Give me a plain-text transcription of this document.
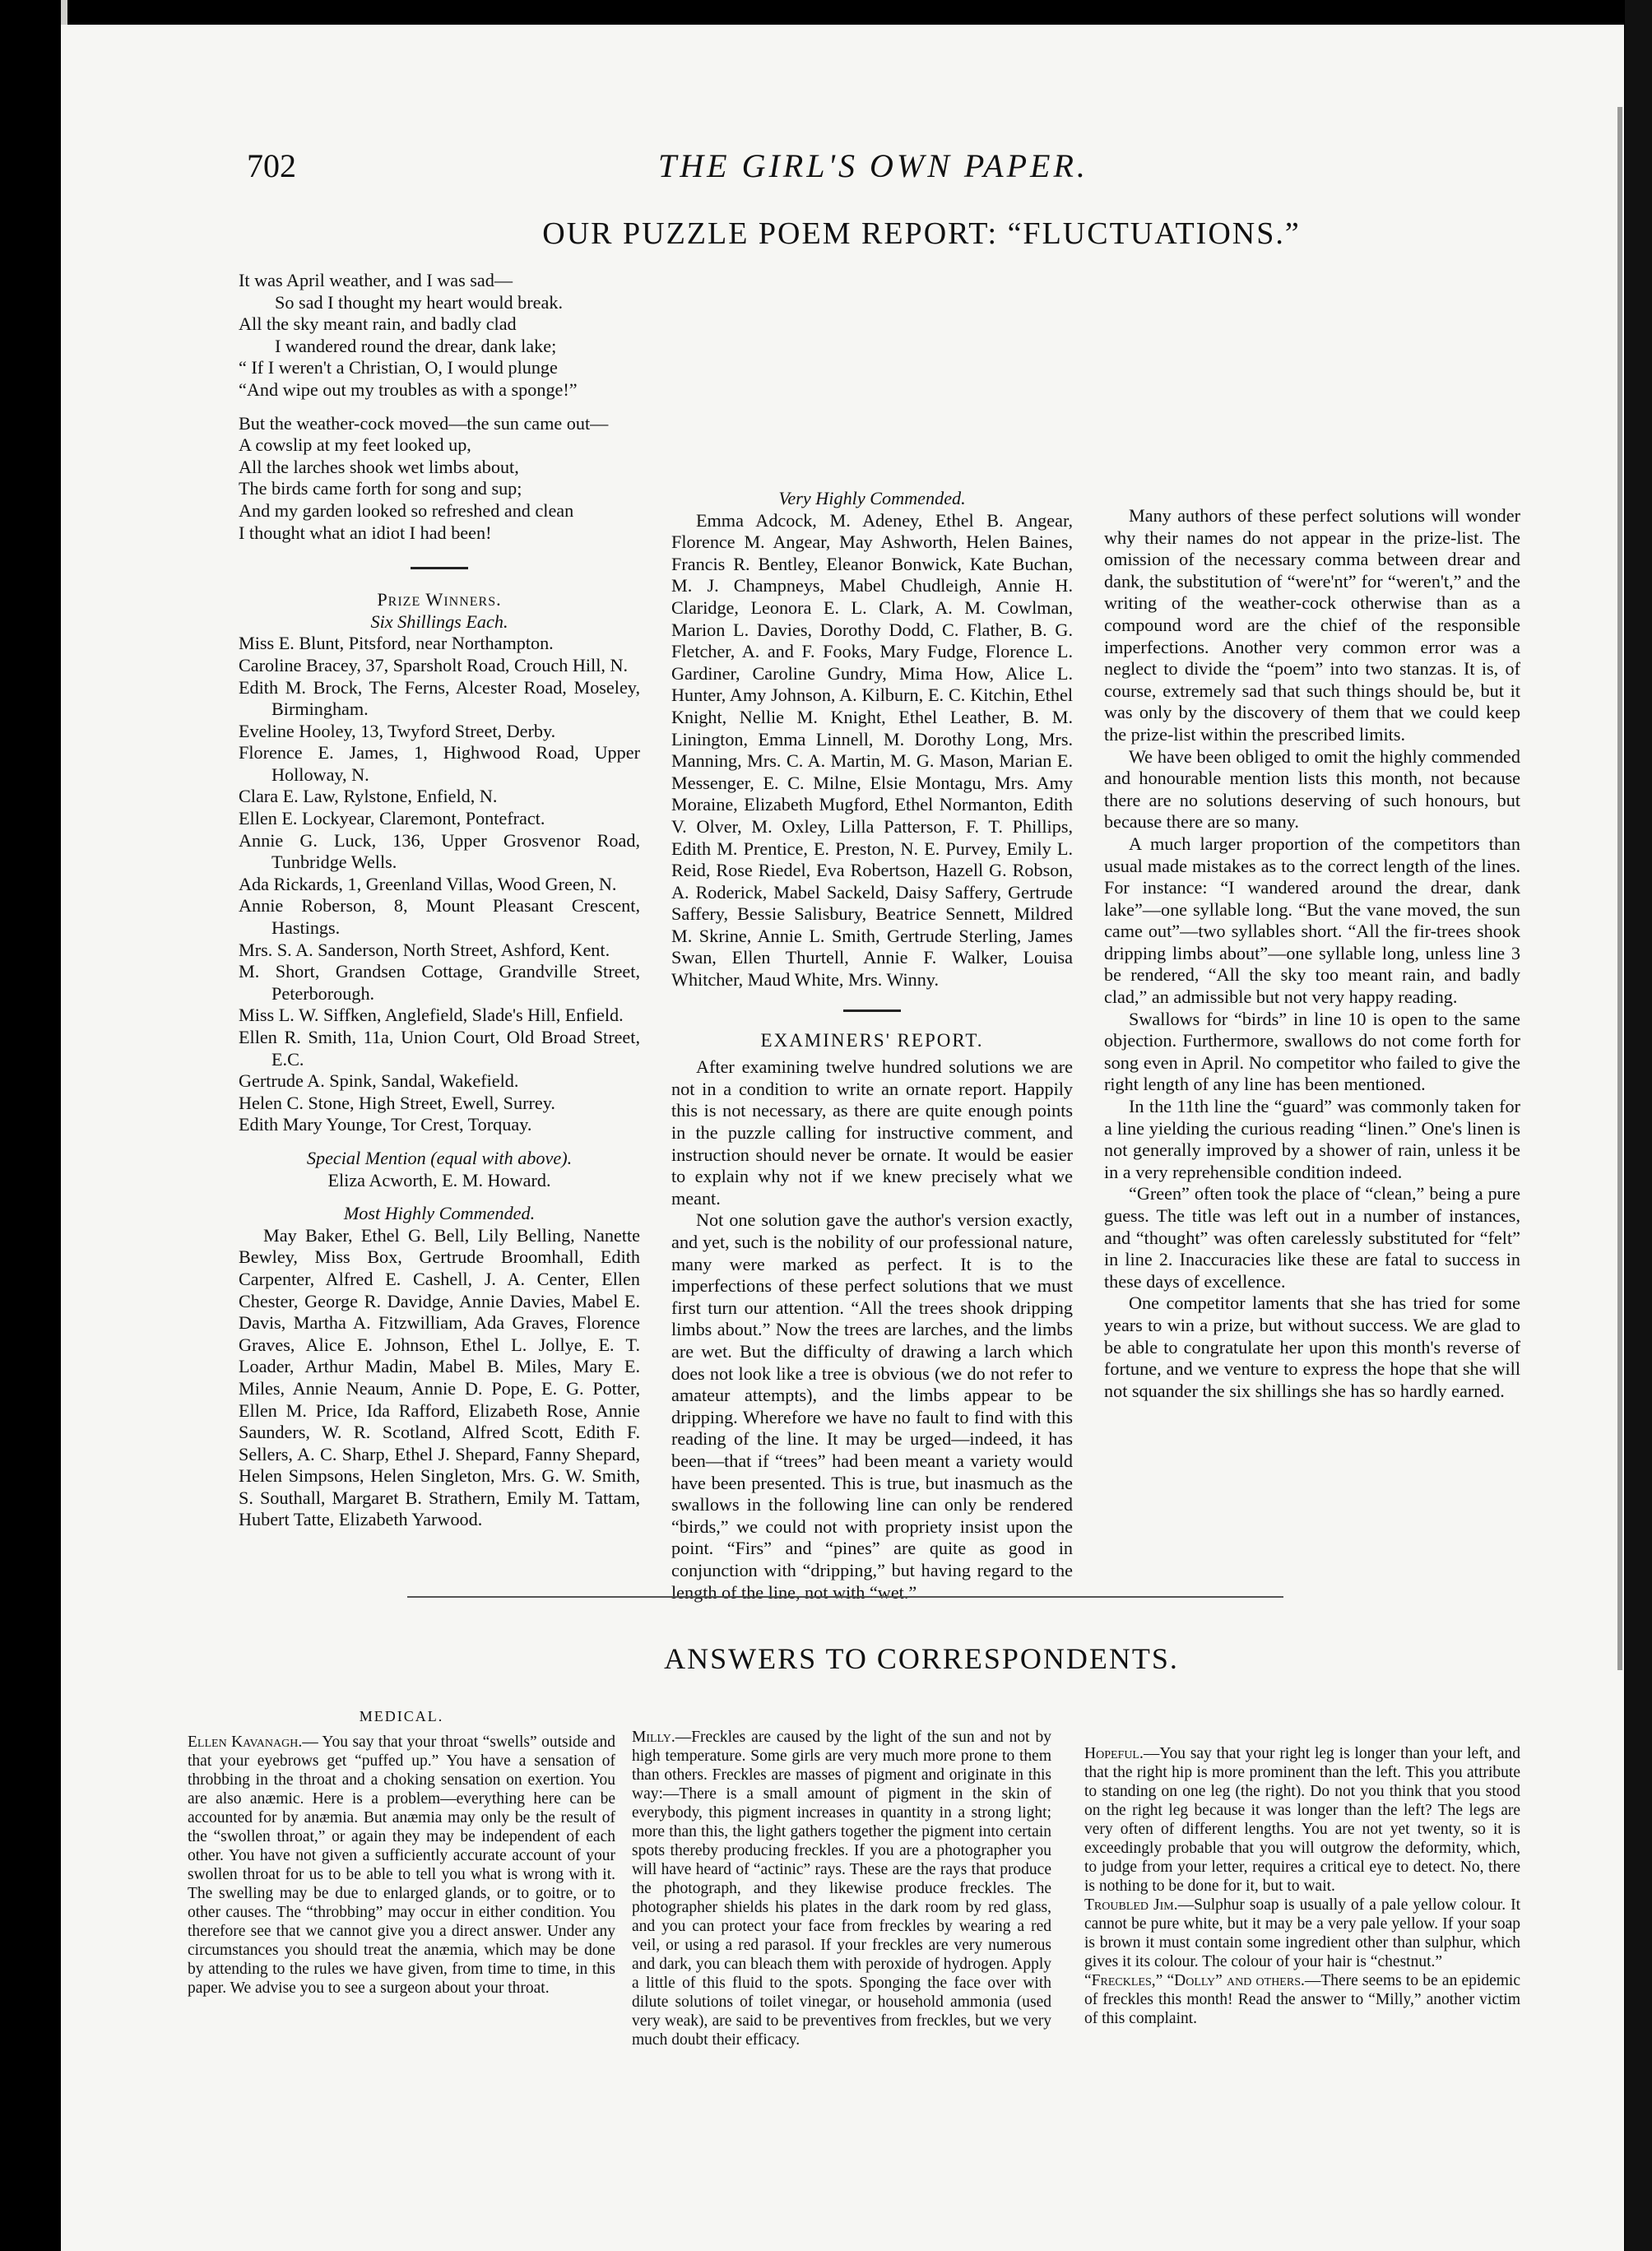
702	THE GIRL'S OWN PAPER.
OUR PUZZLE POEM REPORT: “FLUCTUATIONS.”

It was April weather, and I was sad—

So sad I thought my heart would break.

All the sky meant rain, and badly clad

I wandered round the drear, dank lake;

“ If I weren't a Christian, O, I would plunge

“And wipe out my troubles as with a sponge!”

But the weather-cock moved—the sun came out—

A cowslip at my feet looked up,

All the larches shook wet limbs about,

The birds came forth for song and sup;

And my garden looked so refreshed and clean

I thought what an idiot I had been!

Prize Winners.

Six Shillings Each.

Miss E. Blunt, Pitsford, near Northampton.

Caroline Bracey, 37, Sparsholt Road, Crouch Hill, N.

Edith M. Brock, The Ferns, Alcester Road, Moseley, Birmingham.

Eveline Hooley, 13, Twyford Street, Derby.

Florence E. James, 1, Highwood Road, Upper Holloway, N.

Clara E. Law, Rylstone, Enfield, N.

Ellen E. Lockyear, Claremont, Pontefract.

Annie G. Luck, 136, Upper Grosvenor Road, Tunbridge Wells.

Ada Rickards, 1, Greenland Villas, Wood Green, N.

Annie Roberson, 8, Mount Pleasant Crescent, Hastings.

Mrs. S. A. Sanderson, North Street, Ashford, Kent.

M. Short, Grandsen Cottage, Grandville Street, Peterborough.

Miss L. W. Siffken, Anglefield, Slade's Hill, Enfield.

Ellen R. Smith, 11a, Union Court, Old Broad Street, E.C.

Gertrude A. Spink, Sandal, Wakefield.

Helen C. Stone, High Street, Ewell, Surrey.

Edith Mary Younge, Tor Crest, Torquay.

Special Mention (equal with above).

Eliza Acworth, E. M. Howard.

Most Highly Commended.

May Baker, Ethel G. Bell, Lily Belling, Nanette Bewley, Miss Box, Gertrude Broomhall, Edith Carpenter, Alfred E. Cashell, J. A. Center, Ellen Chester, George R. Davidge, Annie Davies, Mabel E. Davis, Martha A. Fitzwilliam, Ada Graves, Florence Graves, Alice E. Johnson, Ethel L. Jollye, E. T. Loader, Arthur Madin, Mabel B. Miles, Mary E. Miles, Annie Neaum, Annie D. Pope, E. G. Potter, Ellen M. Price, Ida Rafford, Elizabeth Rose, Annie Saunders, W. R. Scotland, Alfred Scott, Edith F. Sellers, A. C. Sharp, Ethel J. Shepard, Fanny Shepard, Helen Simpsons, Helen Singleton, Mrs. G. W. Smith, S. Southall, Margaret B. Strathern, Emily M. Tattam, Hubert Tatte, Elizabeth Yarwood.

Very Highly Commended.

Emma Adcock, M. Adeney, Ethel B. Angear, Florence M. Angear, May Ashworth, Helen Baines, Francis R. Bentley, Eleanor Bonwick, Kate Buchan, M. J. Champneys, Mabel Chudleigh, Annie H. Claridge, Leonora E. L. Clark, A. M. Cowlman, Marion L. Davies, Dorothy Dodd, C. Flather, B. G. Fletcher, A. and F. Fooks, Mary Fudge, Florence L. Gardiner, Caroline Gundry, Mima How, Alice L. Hunter, Amy Johnson, A. Kilburn, E. C. Kitchin, Ethel Knight, Nellie M. Knight, Ethel Leather, B. M. Linington, Emma Linnell, M. Dorothy Long, Mrs. Manning, Mrs. C. A. Martin, M. G. Mason, Marian E. Messenger, E. C. Milne, Elsie Montagu, Mrs. Amy Moraine, Elizabeth Mugford, Ethel Normanton, Edith V. Olver, M. Oxley, Lilla Patterson, F. T. Phillips, Edith M. Prentice, E. Preston, N. E. Purvey, Emily L. Reid, Rose Riedel, Eva Robertson, Hazell G. Robson, A. Roderick, Mabel Sackeld, Daisy Saffery, Gertrude Saffery, Bessie Salisbury, Beatrice Sennett, Mildred M. Skrine, Annie L. Smith, Gertrude Sterling, James Swan, Ellen Thurtell, Annie F. Walker, Louisa Whitcher, Maud White, Mrs. Winny.

EXAMINERS' REPORT.

After examining twelve hundred solutions we are not in a condition to write an ornate report. Happily this is not necessary, as there are quite enough points in the puzzle calling for instructive comment, and instruction should never be ornate. It would be easier to explain why not if we knew precisely what we meant.

Not one solution gave the author's version exactly, and yet, such is the nobility of our professional nature, many were marked as perfect. It is to the imperfections of these perfect solutions that we must first turn our attention. “All the trees shook dripping limbs about.” Now the trees are larches, and the limbs are wet. But the difficulty of drawing a larch which does not look like a tree is obvious (we do not refer to amateur attempts), and the limbs appear to be dripping. Wherefore we have no fault to find with this reading of the line. It may be urged—indeed, it has been—that if “trees” had been meant a variety would have been presented. This is true, but inasmuch as the swallows in the following line can only be rendered “birds,” we could not with propriety insist upon the point. “Firs” and “pines” are quite as good in conjunction with “dripping,” but having regard to the length of the line, not with “wet.”

Many authors of these perfect solutions will wonder why their names do not appear in the prize-list. The omission of the necessary comma between drear and dank, the substitution of “were'nt” for “weren't,” and the writing of the weather-cock otherwise than as a compound word are the chief of the responsible imperfections. Another very common error was a neglect to divide the “poem” into two stanzas. It is, of course, extremely sad that such things should be, but it was only by the discovery of them that we could keep the prize-list within the prescribed limits.

We have been obliged to omit the highly commended and honourable mention lists this month, not because there are no solutions deserving of such honours, but because there are so many.

A much larger proportion of the competitors than usual made mistakes as to the correct length of the lines. For instance: “I wandered around the drear, dank lake”—one syllable long. “But the vane moved, the sun came out”—two syllables short. “All the fir-trees shook dripping limbs about”—one syllable long, unless line 3 be rendered, “All the sky too meant rain, and badly clad,” an admissible but not very happy reading.

Swallows for “birds” in line 10 is open to the same objection. Furthermore, swallows do not come forth for song even in April. No competitor who failed to give the right length of any line has been mentioned.

In the 11th line the “guard” was commonly taken for a line yielding the curious reading “linen.” One's linen is not generally improved by a shower of rain, unless it be in a very reprehensible condition indeed.

“Green” often took the place of “clean,” being a pure guess. The title was left out in a number of instances, and “thought” was often carelessly substituted for “felt” in line 2. Inaccuracies like these are fatal to success in these days of excellence.

One competitor laments that she has tried for some years to win a prize, but without success. We are glad to be able to congratulate her upon this month's reverse of fortune, and we venture to express the hope that she will not squander the six shillings she has so hardly earned.

ANSWERS TO CORRESPONDENTS.

MEDICAL.

Ellen Kavanagh.— You say that your throat “swells” outside and that your eyebrows get “puffed up.” You have a sensation of throbbing in the throat and a choking sensation on exertion. You are also anæmic. Here is a problem—everything here can be accounted for by anæmia. But anæmia may only be the result of the “swollen throat,” or again they may be independent of each other. You have not given a sufficiently accurate account of your swollen throat for us to be able to tell you what is wrong with it. The swelling may be due to enlarged glands, or to goitre, or to other causes. The “throbbing” may occur in either condition. You therefore see that we cannot give you a direct answer. Under any circumstances you should treat the anæmia, which may be done by attending to the rules we have given, from time to time, in this paper. We advise you to see a surgeon about your throat.

Milly.—Freckles are caused by the light of the sun and not by high temperature. Some girls are very much more prone to them than others. Freckles are masses of pigment and originate in this way:—There is a small amount of pigment in the skin of everybody, this pigment increases in quantity in a strong light; more than this, the light gathers together the pigment into certain spots thereby producing freckles. If you are a photographer you will have heard of “actinic” rays. These are the rays that produce the photograph, and they likewise produce freckles. The photographer shields his plates in the dark room by red glass, and you can protect your face from freckles by wearing a red veil, or using a red parasol. If your freckles are very numerous and dark, you can bleach them with peroxide of hydrogen. Apply a little of this fluid to the spots. Sponging the face over with dilute solutions of toilet vinegar, or household ammonia (used very weak), are said to be preventives from freckles, but we very much doubt their efficacy.

Hopeful.—You say that your right leg is longer than your left, and that the right hip is more prominent than the left. This you attribute to standing on one leg (the right). Do not you think that you stood on the right leg because it was longer than the left? The legs are very often of different lengths. You are not yet twenty, so it is exceedingly probable that you will outgrow the deformity, which, to judge from your letter, requires a critical eye to detect. No, there is nothing to be done for it, but to wait.

Troubled Jim.—Sulphur soap is usually of a pale yellow colour. It cannot be pure white, but it may be a very pale yellow. If your soap is brown it must contain some ingredient other than sulphur, which gives it its colour. The colour of your hair is “chestnut.”

“Freckles,” “Dolly” and others.—There seems to be an epidemic of freckles this month! Read the answer to “Milly,” another victim of this complaint.
